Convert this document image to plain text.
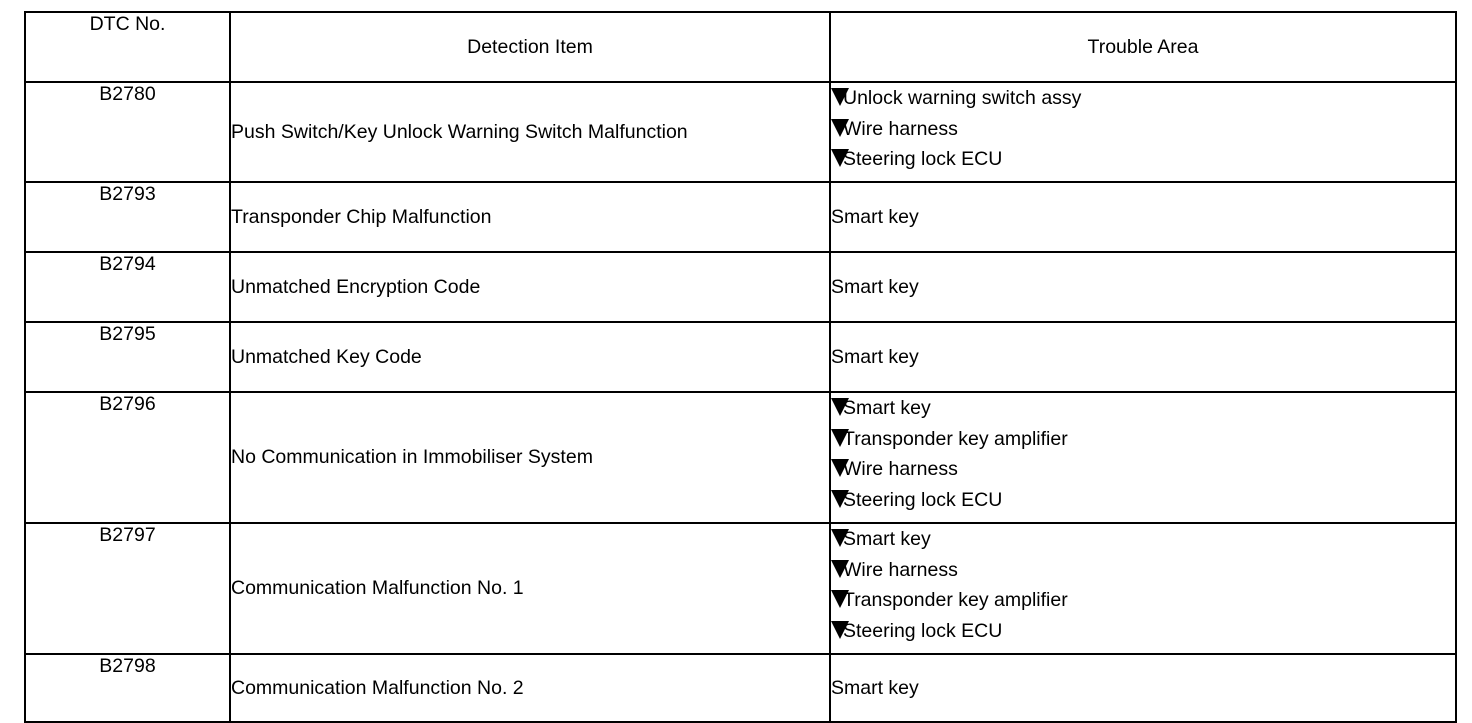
DTC No.	Detection Item	Trouble Area
B2780	Push Switch/Key Unlock Warning Switch Malfunction	Unlock warning switch assy
Wire harness
Steering lock ECU

B2793	Transponder Chip Malfunction	Smart key
B2794	Unmatched Encryption Code	Smart key
B2795	Unmatched Key Code	Smart key
B2796	No Communication in Immobiliser System	Smart key
Transponder key amplifier
Wire harness
Steering lock ECU

B2797	Communication Malfunction No. 1	Smart key
Wire harness
Transponder key amplifier
Steering lock ECU

B2798	Communication Malfunction No. 2	Smart key
